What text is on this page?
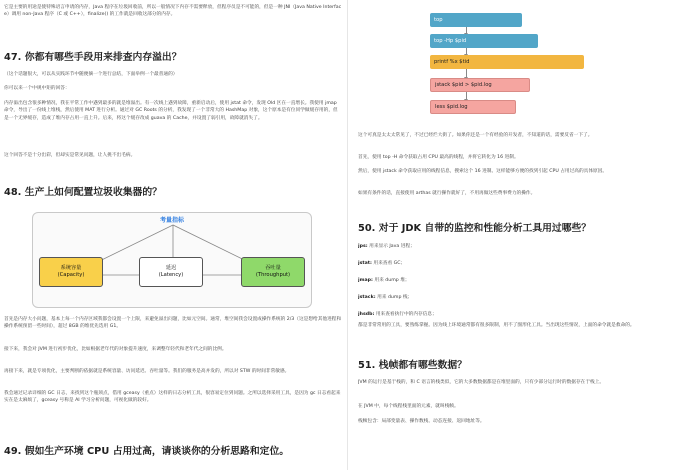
它是主要的用途是使特殊语言申请的内存，Java 程序在垃圾回收前，所以一般情况下内存不需要释放，但程序员是不可能的，但是一种 JNI（Java Native Interface）调用 non-Java 程序（C 或 C++），finalize() 的工作就是回收这部分的内存。

47. 你都有哪些手段用来排查内存溢出？

（这个话题很大，可以从实践环节中随便摘一个进行总结，下面举例一个最普通的）

你可以来一个中规中矩的回答：

内存溢出包含很多种情况，我在平常工作中遇到最多的就是堆溢出。有一次线上遇到故障，重新启动后，使用 jstat 命令，发现 Old 区在一直增长。我使用 jmap 命令，导出了一份线上堆栈，然后使用 MAT 进行分析。通过对 GC Roots 的分析，我发现了一个非常大的 HashMap 对象，这个原本是有位同学做缓存用的，但是一个无界缓存，造成了堆内存占用一直上升。后来，将这个缓存改成 guava 的 Cache，并设置了弱引用，故障就消失了。

这个回答不是十分出彩，但却实是常见问题，让人挑不出毛病。

48. 生产上如何配置垃圾收集器的？
考量指标
系统容量
(Capacity)
延迟
(Latency)
吞吐量
(Throughput)

首先是内存大小问题，基本上每一个内存区域我都会设置一个上限，来避免溢出问题，比如元空间。通常，堆空间我会设置成操作系统的 2/3（这是想给其他进程和操作系统预留一些时间），超过 8GB 的堆优先选用 G1。

接下来，我会对 JVM 进行初步优化，比如根据老年代的对象提升速度，来调整年轻代和老年代之间的比例。

再接下来，就是专项优化，主要判断的依据就是系统容量、访问延迟、吞吐量等。我们的服务是高并发的，所以对 STW 的时间非常敏感。

我会通过记录详细的 GC 日志，来找到这个瓶颈点，借用 gceasy（重点）这样的日志分析工具，很容易定位到问题。之所以选择采用工具，是因为 gc 日志看起来实在是太麻烦了，gceasy 号称是 AI 学习分析问题，可视化做的较好。

49. 假如生产环境 CPU 占用过高，请谈谈你的分析思路和定位。
top
top -Hp $pid
printf %x $tid
jstack $pid > $pid.log
less $pid.log

这个可真是太太太常见了，不过已经烂大街了。如果你还是一个有经验的开发者，不知道的话，需要反省一下了。

首先，使用 top -H 命令获取占用 CPU 最高的线程，并将它转化为 16 进制。

然后，使用 jstack 命令获取应用的线程信息，搜索这个 16 进制。这样能够方便的找到引起 CPU 占用过高的具体原因。

如果有条件的话，直接使用 arthas 就行操作就好了，不用再做这些费事费力的操作。

50. 对于 JDK 自带的监控和性能分析工具用过哪些？
jps: 用来显示 Java 进程；
jstat: 用来查看 GC；
jmap: 用来 dump 堆；
jstack: 用来 dump 栈；
jhsdb: 用来查看执行中的内存信息；

都是非常常用的工具，要熟练掌握。因为线上环境通常都有很多限制，用不了图形化工具。当出现这些情况，上面的命令就是救命的。

51. 栈帧都有哪些数据？

JVM 的运行是基于栈的，和 C 语言的栈类似，它的大多数数据都是在堆里面的，只有少部分运行时的数据存在于栈上。

在 JVM 中，每个线程栈里面的元素，就叫栈帧。

栈帧包含：局部变量表、操作数栈、动态连接、返回地址等。
